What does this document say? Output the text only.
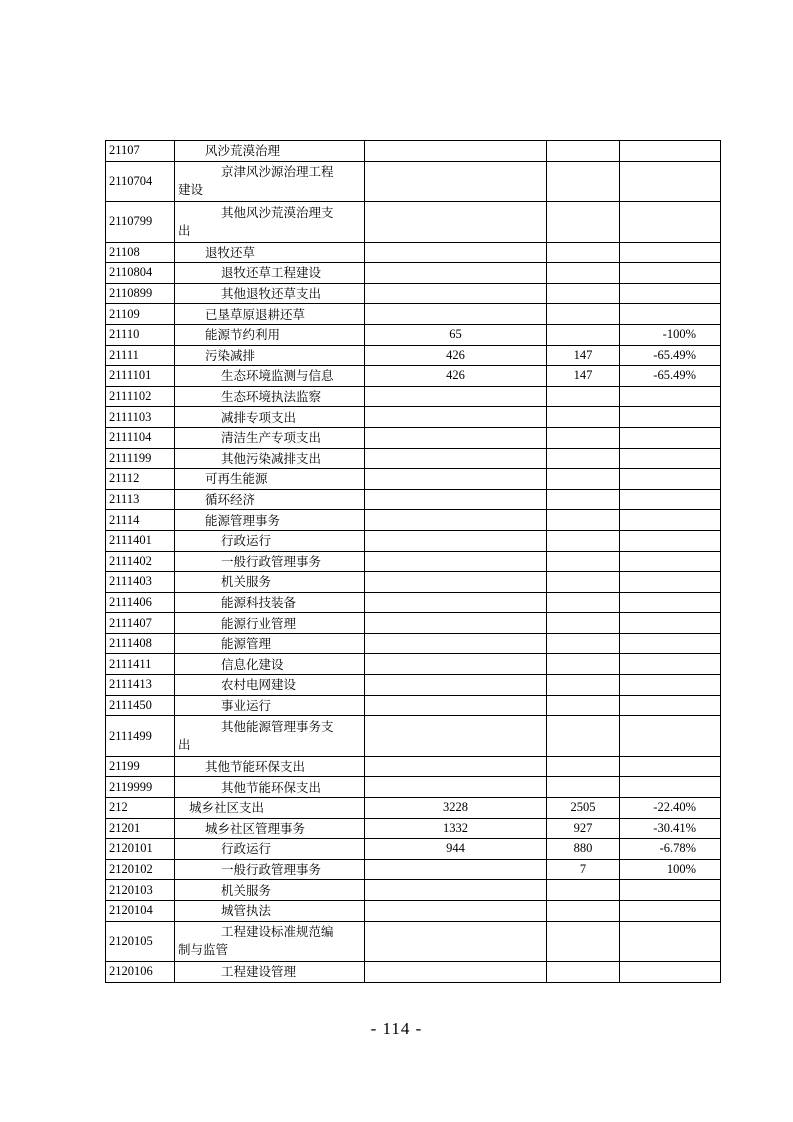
21107	风沙荒漠治理			
2110704	京津风沙源治理工程
建设			

2110799	其他风沙荒漠治理支
出			

21108	退牧还草			
2110804	退牧还草工程建设			
2110899	其他退牧还草支出			
21109	已垦草原退耕还草			
21110	能源节约利用	65		-100%
21111	污染减排	426	147	-65.49%
2111101	生态环境监测与信息	426	147	-65.49%
2111102	生态环境执法监察			
2111103	减排专项支出			
2111104	清洁生产专项支出			
2111199	其他污染减排支出			
21112	可再生能源			
21113	循环经济			
21114	能源管理事务			
2111401	行政运行			
2111402	一般行政管理事务			
2111403	机关服务			
2111406	能源科技装备			
2111407	能源行业管理			
2111408	能源管理			
2111411	信息化建设			
2111413	农村电网建设			
2111450	事业运行			
2111499	其他能源管理事务支
出			

21199	其他节能环保支出			
2119999	其他节能环保支出			
212	城乡社区支出	3228	2505	-22.40%
21201	城乡社区管理事务	1332	927	-30.41%
2120101	行政运行	944	880	-6.78%
2120102	一般行政管理事务		7	100%
2120103	机关服务			
2120104	城管执法			
2120105	工程建设标准规范编
制与监管			

2120106	工程建设管理			
- 114 -
